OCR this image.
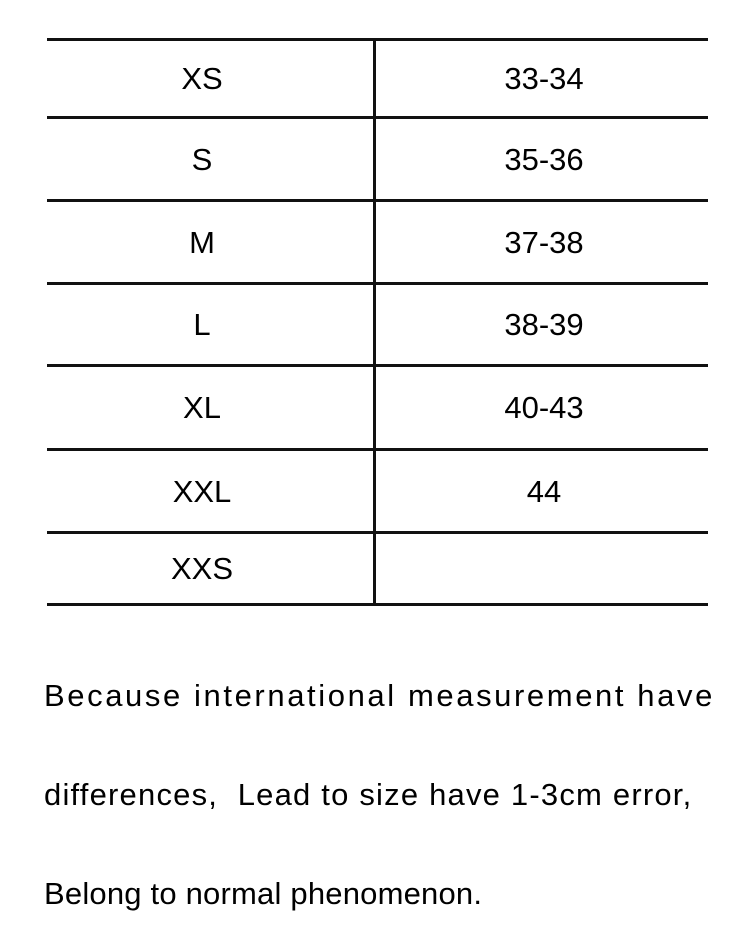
XS	33-34
S	35-36
M	37-38
L	38-39
XL	40-43
XXL	44
XXS

Because international measurement have

differences,  Lead to size have 1-3cm error,

Belong to normal phenomenon.
